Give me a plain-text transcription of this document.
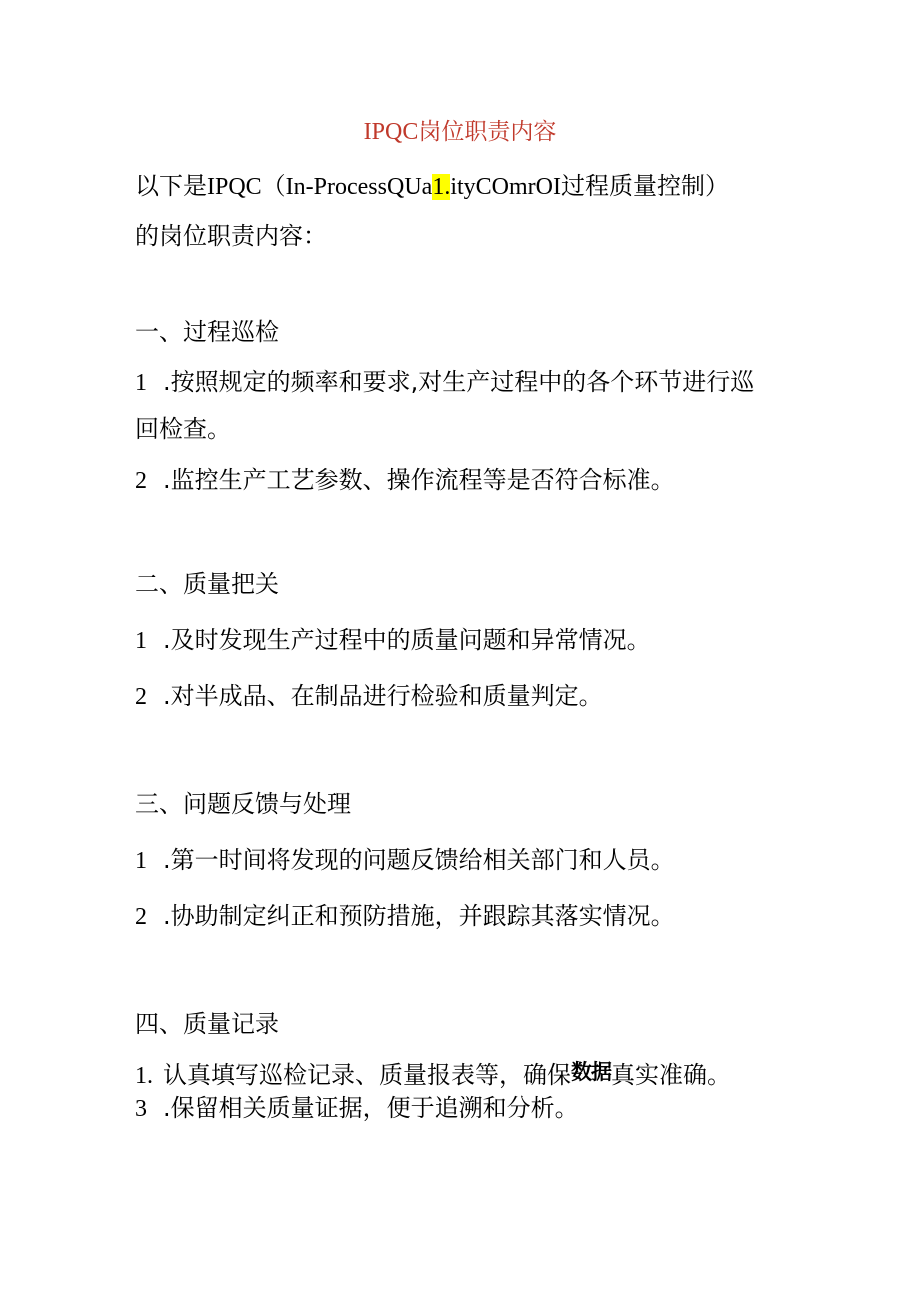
IPQC岗位职责内容
以下是IPQC（In-ProcessQUa1.ityCOmrOI过程质量控制）
的岗位职责内容：
一、过程巡检
1 .按照规定的频率和要求,对生产过程中的各个环节进行巡
回检查。
2 .监控生产工艺参数、操作流程等是否符合标准。
二、质量把关
1 .及时发现生产过程中的质量问题和异常情况。
2 .对半成品、在制品进行检验和质量判定。
三、问题反馈与处理
1 .第一时间将发现的问题反馈给相关部门和人员。
2 .协助制定纠正和预防措施，并跟踪其落实情况。
四、质量记录
1. 认真填写巡检记录、质量报表等，确保数据真实准确。
3 .保留相关质量证据，便于追溯和分析。
